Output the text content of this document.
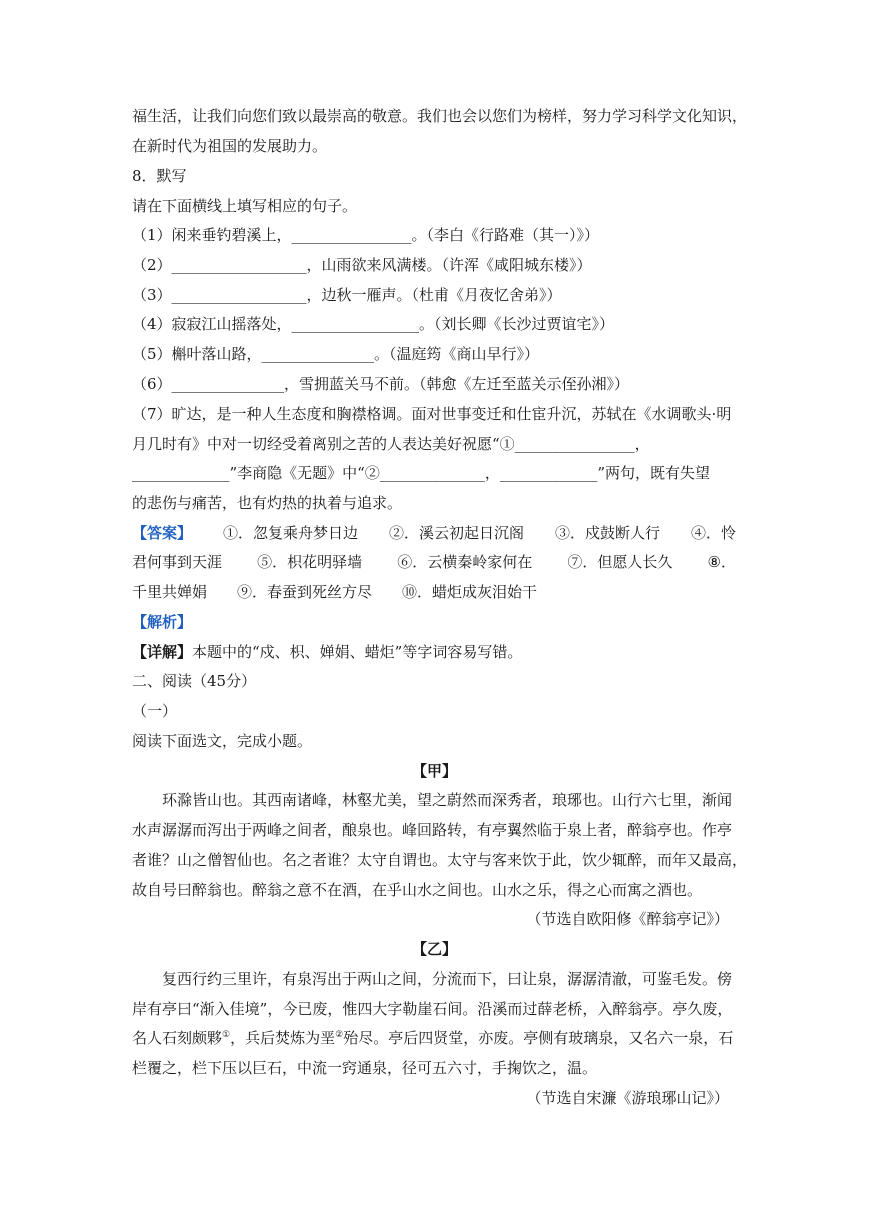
福生活，让我们向您们致以最崇高的敬意。我们也会以您们为榜样，努力学习科学文化知识，
在新时代为祖国的发展助力。
8．默写
请在下面横线上填写相应的句子。
（1）闲来垂钓碧溪上，________________。（李白《行路难（其一）》）
（2）__________________，山雨欲来风满楼。（许浑《咸阳城东楼》）
（3）__________________，边秋一雁声。（杜甫《月夜忆舍弟》）
（4）寂寂江山摇落处，_________________。（刘长卿《长沙过贾谊宅》）
（5）槲叶落山路，_______________。（温庭筠《商山早行》）
（6）_______________，雪拥蓝关马不前。（韩愈《左迁至蓝关示侄孙湘》）
（7）旷达，是一种人生态度和胸襟格调。面对世事变迁和仕宦升沉，苏轼在《水调歌头·明
月几时有》中对一切经受着离别之苦的人表达美好祝愿“①________________，
_____________”李商隐《无题》中“②______________，_____________”两句，既有失望
的悲伤与痛苦，也有灼热的执着与追求。
【答案】 ①．忽复乘舟梦日边 ②．溪云初起日沉阁 ③．戍鼓断人行 ④．怜
君何事到天涯 ⑤．枳花明驿墙 ⑥．云横秦岭家何在 ⑦．但愿人长久 ⑧．
千里共婵娟 ⑨．春蚕到死丝方尽 ⑩．蜡炬成灰泪始干
【解析】
【详解】本题中的“戍、枳、婵娟、蜡炬”等字词容易写错。
二、阅读（45分）
（一）
阅读下面选文，完成小题。
【甲】
环滁皆山也。其西南诸峰，林壑尤美，望之蔚然而深秀者，琅琊也。山行六七里，渐闻
水声潺潺而泻出于两峰之间者，酿泉也。峰回路转，有亭翼然临于泉上者，醉翁亭也。作亭
者谁？山之僧智仙也。名之者谁？太守自谓也。太守与客来饮于此，饮少辄醉，而年又最高，
故自号曰醉翁也。醉翁之意不在酒，在乎山水之间也。山水之乐，得之心而寓之酒也。
（节选自欧阳修《醉翁亭记》）
【乙】
复西行约三里许，有泉泻出于两山之间，分流而下，曰让泉，潺潺清澈，可鉴毛发。傍
岸有亭曰“渐入佳境”，今已废，惟四大字勒崖石间。沿溪而过薛老桥，入醉翁亭。亭久废，
名人石刻颇夥①，兵后焚炼为垩②殆尽。亭后四贤堂，亦废。亭侧有玻璃泉，又名六一泉，石
栏覆之，栏下压以巨石，中流一窍通泉，径可五六寸，手掬饮之，温。
（节选自宋濂《游琅琊山记》）
